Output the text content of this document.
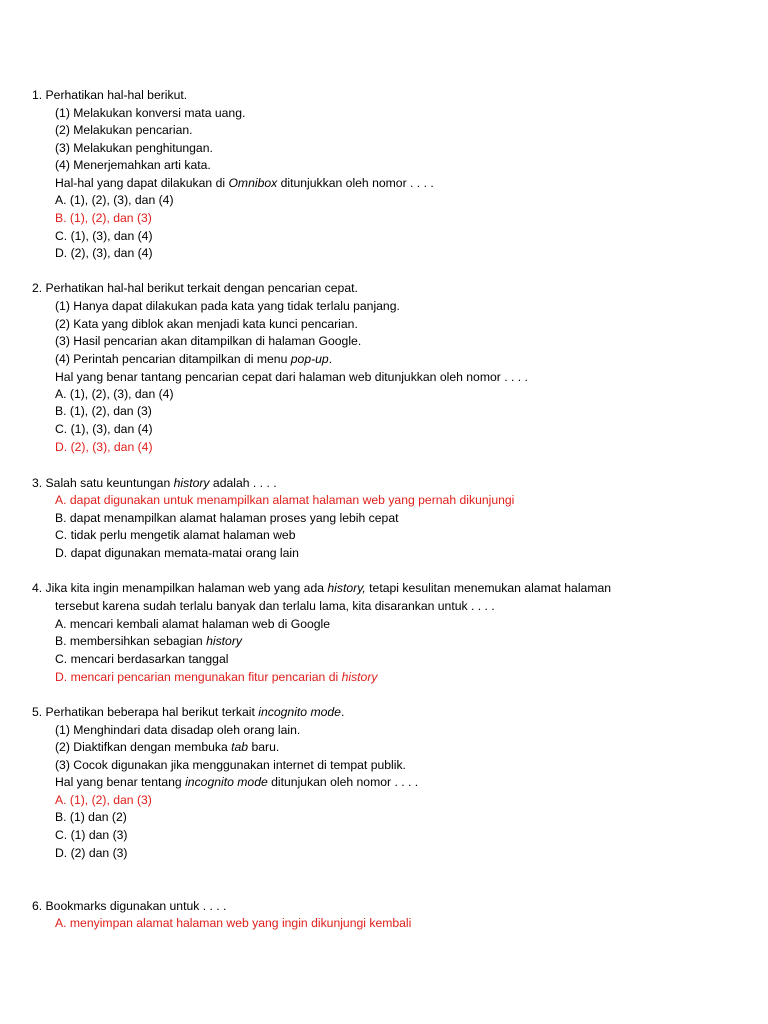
1. Perhatikan hal-hal berikut.
(1) Melakukan konversi mata uang.
(2) Melakukan pencarian.
(3) Melakukan penghitungan.
(4) Menerjemahkan arti kata.
Hal-hal yang dapat dilakukan di Omnibox ditunjukkan oleh nomor . . . .
A. (1), (2), (3), dan (4)
B. (1), (2), dan (3)
C. (1), (3), dan (4)
D. (2), (3), dan (4)
2. Perhatikan hal-hal berikut terkait dengan pencarian cepat.
(1) Hanya dapat dilakukan pada kata yang tidak terlalu panjang.
(2) Kata yang diblok akan menjadi kata kunci pencarian.
(3) Hasil pencarian akan ditampilkan di halaman Google.
(4) Perintah pencarian ditampilkan di menu pop-up.
Hal yang benar tantang pencarian cepat dari halaman web ditunjukkan oleh nomor . . . .
A. (1), (2), (3), dan (4)
B. (1), (2), dan (3)
C. (1), (3), dan (4)
D. (2), (3), dan (4)
3. Salah satu keuntungan history adalah . . . .
A. dapat digunakan untuk menampilkan alamat halaman web yang pernah dikunjungi
B. dapat menampilkan alamat halaman proses yang lebih cepat
C. tidak perlu mengetik alamat halaman web
D. dapat digunakan memata-matai orang lain
4. Jika kita ingin menampilkan halaman web yang ada history, tetapi kesulitan menemukan alamat halaman
tersebut karena sudah terlalu banyak dan terlalu lama, kita disarankan untuk . . . .
A. mencari kembali alamat halaman web di Google
B. membersihkan sebagian history
C. mencari berdasarkan tanggal
D. mencari pencarian mengunakan fitur pencarian di history
5. Perhatikan beberapa hal berikut terkait incognito mode.
(1) Menghindari data disadap oleh orang lain.
(2) Diaktifkan dengan membuka tab baru.
(3) Cocok digunakan jika menggunakan internet di tempat publik.
Hal yang benar tentang incognito mode ditunjukan oleh nomor . . . .
A. (1), (2), dan (3)
B. (1) dan (2)
C. (1) dan (3)
D. (2) dan (3)
6. Bookmarks digunakan untuk . . . .
A. menyimpan alamat halaman web yang ingin dikunjungi kembali
